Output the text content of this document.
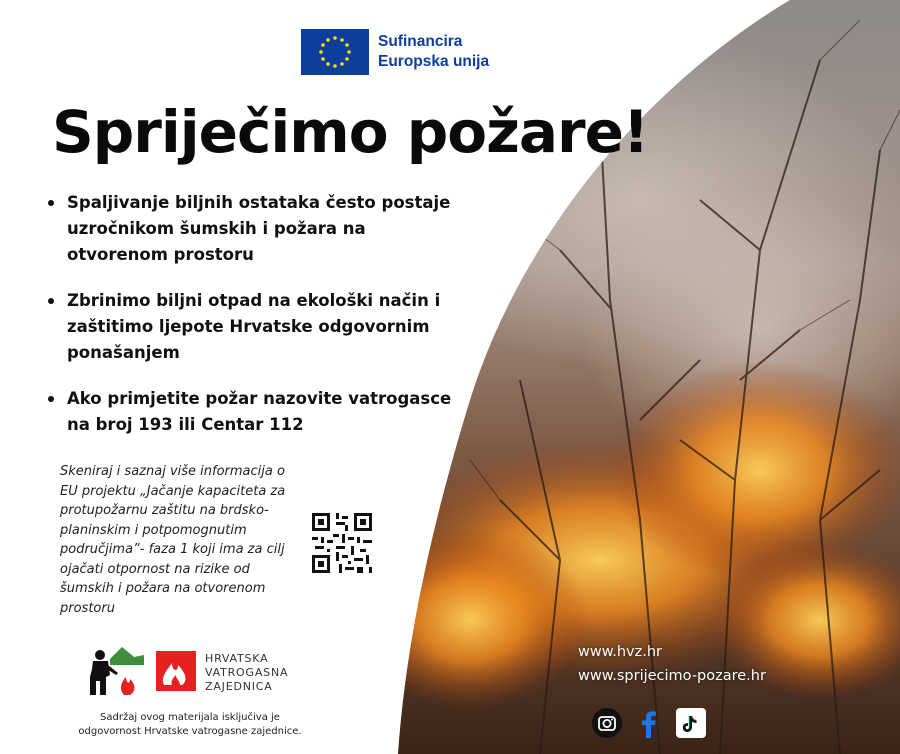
Sufinancira
Europska unija
Spriječimo požare!
Spaljivanje biljnih ostataka često postaje uzročnikom šumskih i požara na otvorenom prostoru
Zbrinimo biljni otpad na ekološki način i zaštitimo ljepote Hrvatske odgovornim ponašanjem
Ako primjetite požar nazovite vatrogasce na broj 193 ili Centar 112
Skeniraj i saznaj više informacija o EU projektu „Jačanje kapaciteta za protupožarnu zaštitu na brdsko-planinskim i potpomognutim područjima”- faza 1 koji ima za cilj ojačati otpornost na rizike od šumskih i požara na otvorenom prostoru
HRVATSKA
VATROGASNA
ZAJEDNICA
Sadržaj ovog materijala isključiva je odgovornost Hrvatske vatrogasne zajednice.
www.hvz.hr
www.sprijecimo-pozare.hr
